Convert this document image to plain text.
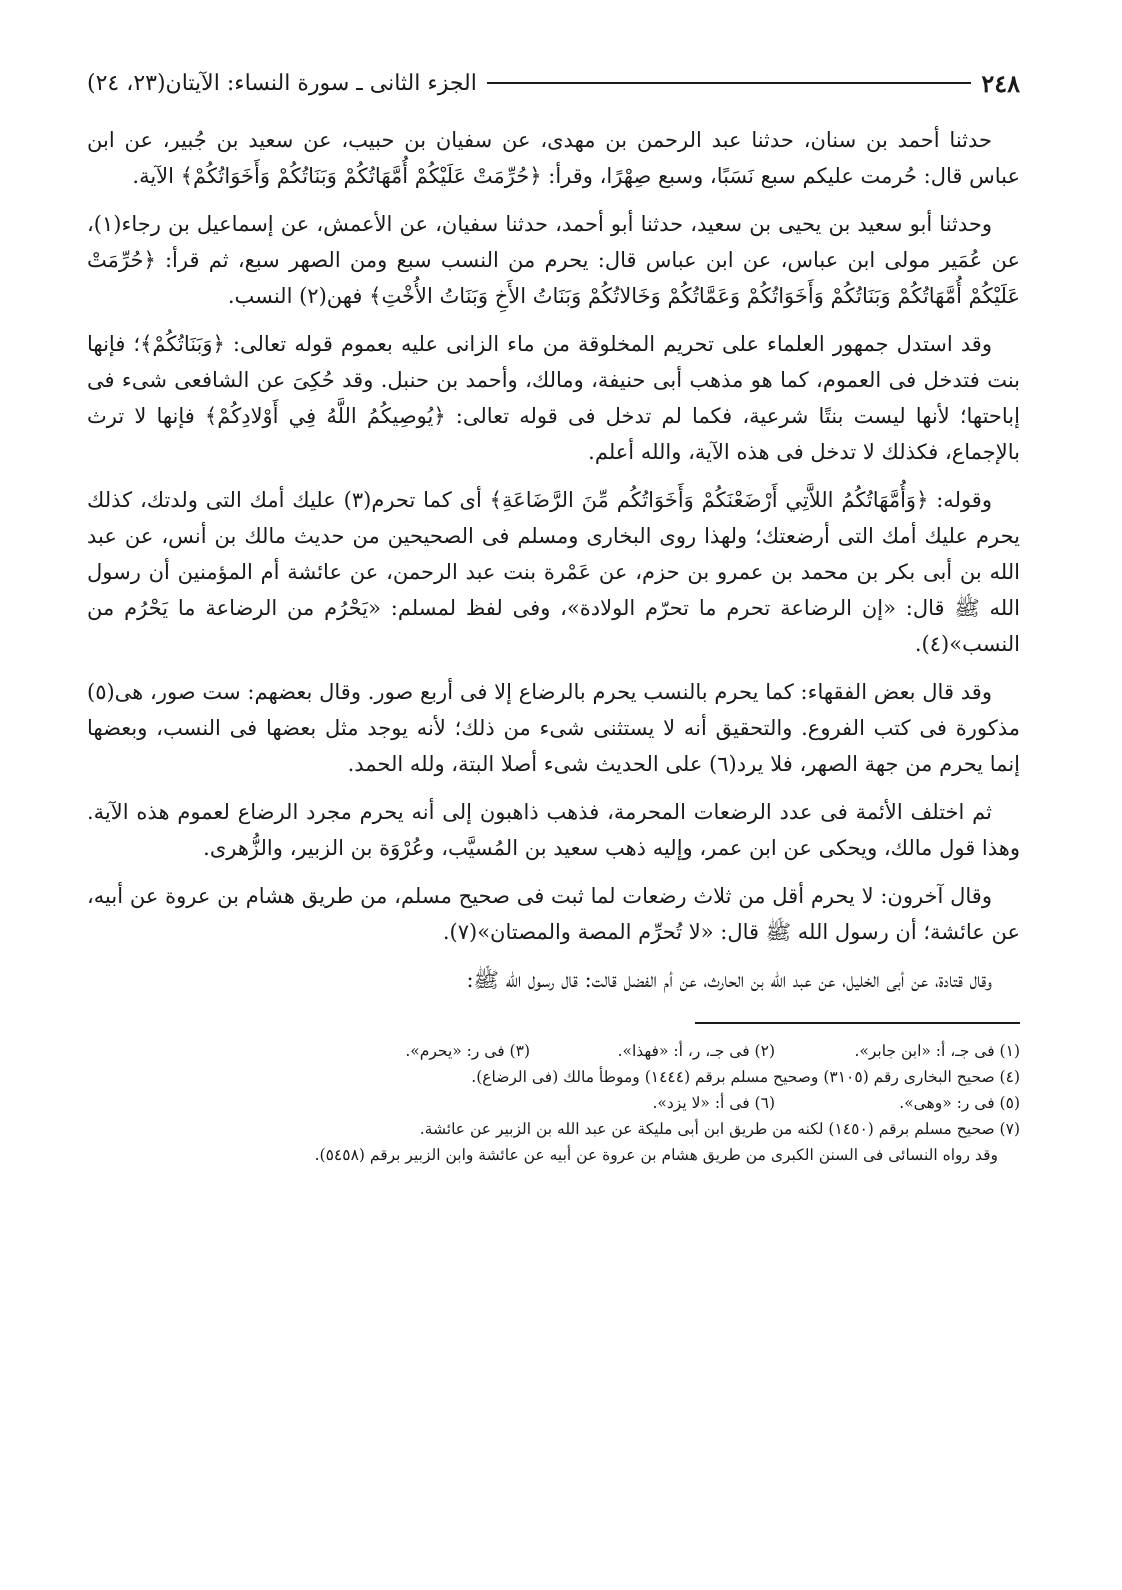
٢٤٨
الجزء الثانى ـ سورة النساء: الآيتان(٢٣، ٢٤)

حدثنا أحمد بن سنان، حدثنا عبد الرحمن بن مهدى، عن سفيان بن حبيب، عن سعيد بن جُبير، عن ابن عباس قال: حُرمت عليكم سبع نَسَبًا، وسبع صِهْرًا، وقرأ: ﴿حُرِّمَتْ عَلَيْكُمْ أُمَّهَاتُكُمْ وَبَنَاتُكُمْ وَأَخَوَاتُكُمْ﴾ الآية.

وحدثنا أبو سعيد بن يحيى بن سعيد، حدثنا أبو أحمد، حدثنا سفيان، عن الأعمش، عن إسماعيل بن رجاء(١)، عن عُمَير مولى ابن عباس، عن ابن عباس قال: يحرم من النسب سبع ومن الصهر سبع، ثم قرأ: ﴿حُرِّمَتْ عَلَيْكُمْ أُمَّهَاتُكُمْ وَبَنَاتُكُمْ وَأَخَوَاتُكُمْ وَعَمَّاتُكُمْ وَخَالاتُكُمْ وَبَنَاتُ الأَخِ وَبَنَاتُ الأُخْتِ﴾ فهن(٢) النسب.

وقد استدل جمهور العلماء على تحريم المخلوقة من ماء الزانى عليه بعموم قوله تعالى: ﴿وَبَنَاتُكُمْ﴾؛ فإنها بنت فتدخل فى العموم، كما هو مذهب أبى حنيفة، ومالك، وأحمد بن حنبل. وقد حُكِىَ عن الشافعى شىء فى إباحتها؛ لأنها ليست بنتًا شرعية، فكما لم تدخل فى قوله تعالى: ﴿يُوصِيكُمُ اللَّهُ فِي أَوْلادِكُمْ﴾ فإنها لا ترث بالإجماع، فكذلك لا تدخل فى هذه الآية، والله أعلم.

وقوله: ﴿وَأُمَّهَاتُكُمُ اللاَّتِي أَرْضَعْنَكُمْ وَأَخَوَاتُكُم مِّنَ الرَّضَاعَةِ﴾ أى كما تحرم(٣) عليك أمك التى ولدتك، كذلك يحرم عليك أمك التى أرضعتك؛ ولهذا روى البخارى ومسلم فى الصحيحين من حديث مالك بن أنس، عن عبد الله بن أبى بكر بن محمد بن عمرو بن حزم، عن عَمْرة بنت عبد الرحمن، عن عائشة أم المؤمنين أن رسول الله ﷺ قال: «إن الرضاعة تحرم ما تحرّم الولادة»، وفى لفظ لمسلم: «يَحْرُم من الرضاعة ما يَحْرُم من النسب»(٤).

وقد قال بعض الفقهاء: كما يحرم بالنسب يحرم بالرضاع إلا فى أربع صور. وقال بعضهم: ست صور، هى(٥) مذكورة فى كتب الفروع. والتحقيق أنه لا يستثنى شىء من ذلك؛ لأنه يوجد مثل بعضها فى النسب، وبعضها إنما يحرم من جهة الصهر، فلا يرد(٦) على الحديث شىء أصلا البتة، ولله الحمد.

ثم اختلف الأئمة فى عدد الرضعات المحرمة، فذهب ذاهبون إلى أنه يحرم مجرد الرضاع لعموم هذه الآية. وهذا قول مالك، ويحكى عن ابن عمر، وإليه ذهب سعيد بن المُسيَّب، وعُرْوَة بن الزبير، والزُّهرى.

وقال آخرون: لا يحرم أقل من ثلاث رضعات لما ثبت فى صحيح مسلم، من طريق هشام بن عروة عن أبيه، عن عائشة؛ أن رسول الله ﷺ قال: «لا تُحرِّم المصة والمصتان»(٧).

وقال قتادة، عن أبى الخليل، عن عبد الله بن الحارث، عن أم الفضل قالت: قال رسول الله ﷺ:

(١) فى جـ، أ: «ابن جابر».
(٢) فى جـ، ر، أ: «فهذا».
(٣) فى ر: «يحرم».

(٤) صحيح البخارى رقم (٣١٠٥) وصحيح مسلم برقم (١٤٤٤) وموطأ مالك (فى الرضاع).

(٥) فى ر: «وهى».
(٦) فى أ: «لا يزد».

(٧) صحيح مسلم برقم (١٤٥٠) لكنه من طريق ابن أبى مليكة عن عبد الله بن الزبير عن عائشة.

وقد رواه النسائى فى السنن الكبرى من طريق هشام بن عروة عن أبيه عن عائشة وابن الزبير برقم (٥٤٥٨).
